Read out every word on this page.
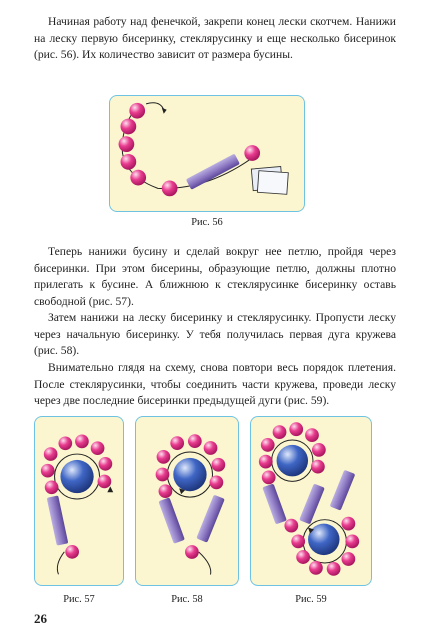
Начиная работу над фенечкой, закрепи конец лески скотчем. Нанижи на леску первую бисеринку, стеклярусинку и еще несколько бисеринок (рис. 56). Их количество зависит от размера бусины.

Рис. 56

Теперь нанижи бусину и сделай вокруг нее петлю, пройдя через бисеринки. При этом бисерины, образующие петлю, должны плотно прилегать к бусине. А ближнюю к стеклярусинке бисеринку оставь свободной (рис. 57).

Затем нанижи на леску бисеринку и стеклярусинку. Пропусти леску через начальную бисеринку. У тебя получилась первая дуга кружева (рис. 58).

Внимательно глядя на схему, снова повтори весь порядок плетения. После стеклярусинки, чтобы соединить части кружева, проведи леску через две последние бисеринки предыдущей дуги (рис. 59).

Рис. 57	Рис. 58	Рис. 59
26
